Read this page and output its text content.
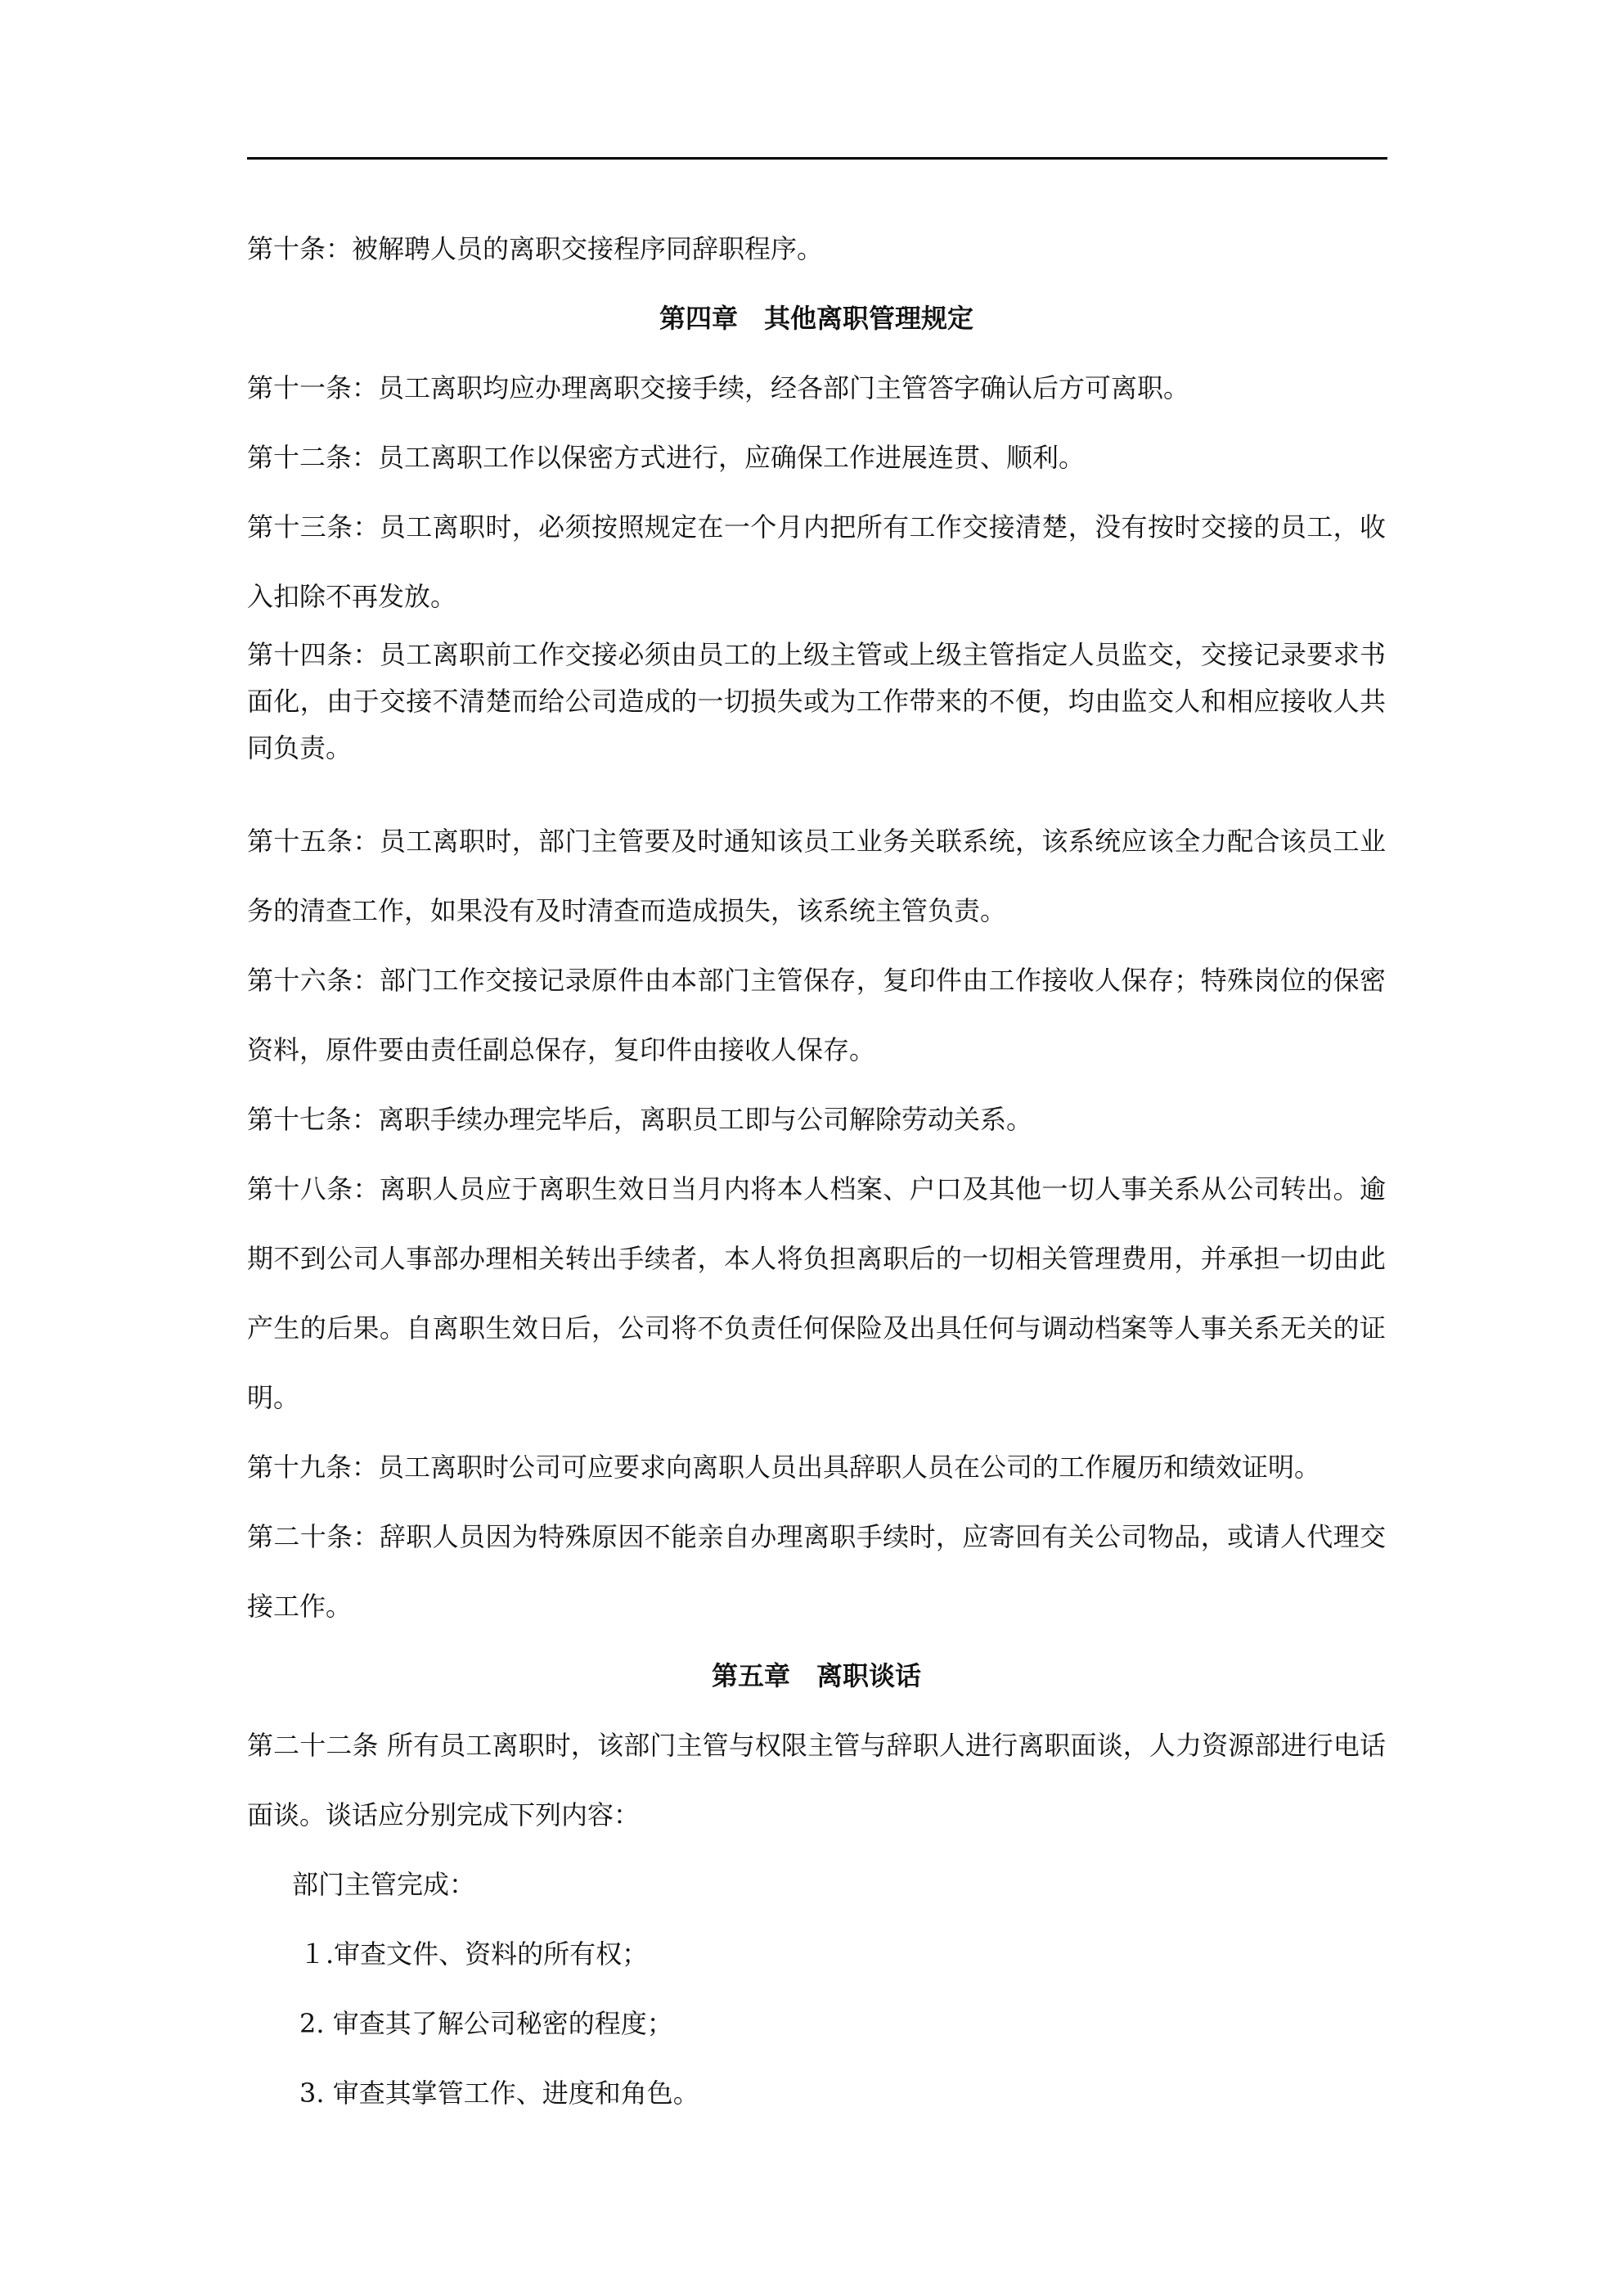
第十条：被解聘人员的离职交接程序同辞职程序。

第四章　其他离职管理规定

第十一条：员工离职均应办理离职交接手续，经各部门主管答字确认后方可离职。

第十二条：员工离职工作以保密方式进行，应确保工作进展连贯、顺利。

第十三条：员工离职时，必须按照规定在一个月内把所有工作交接清楚，没有按时交接的员工，收入扣除不再发放。

第十四条：员工离职前工作交接必须由员工的上级主管或上级主管指定人员监交，交接记录要求书面化，由于交接不清楚而给公司造成的一切损失或为工作带来的不便，均由监交人和相应接收人共同负责。

第十五条：员工离职时，部门主管要及时通知该员工业务关联系统，该系统应该全力配合该员工业务的清查工作，如果没有及时清查而造成损失，该系统主管负责。

第十六条：部门工作交接记录原件由本部门主管保存，复印件由工作接收人保存；特殊岗位的保密资料，原件要由责任副总保存，复印件由接收人保存。

第十七条：离职手续办理完毕后，离职员工即与公司解除劳动关系。

第十八条：离职人员应于离职生效日当月内将本人档案、户口及其他一切人事关系从公司转出。逾期不到公司人事部办理相关转出手续者，本人将负担离职后的一切相关管理费用，并承担一切由此产生的后果。自离职生效日后，公司将不负责任何保险及出具任何与调动档案等人事关系无关的证明。

第十九条：员工离职时公司可应要求向离职人员出具辞职人员在公司的工作履历和绩效证明。

第二十条：辞职人员因为特殊原因不能亲自办理离职手续时，应寄回有关公司物品，或请人代理交接工作。

第五章　离职谈话

第二十二条 所有员工离职时，该部门主管与权限主管与辞职人进行离职面谈，人力资源部进行电话面谈。谈话应分别完成下列内容：

部门主管完成：

１.审查文件、资料的所有权；

2. 审查其了解公司秘密的程度；

3. 审查其掌管工作、进度和角色。
